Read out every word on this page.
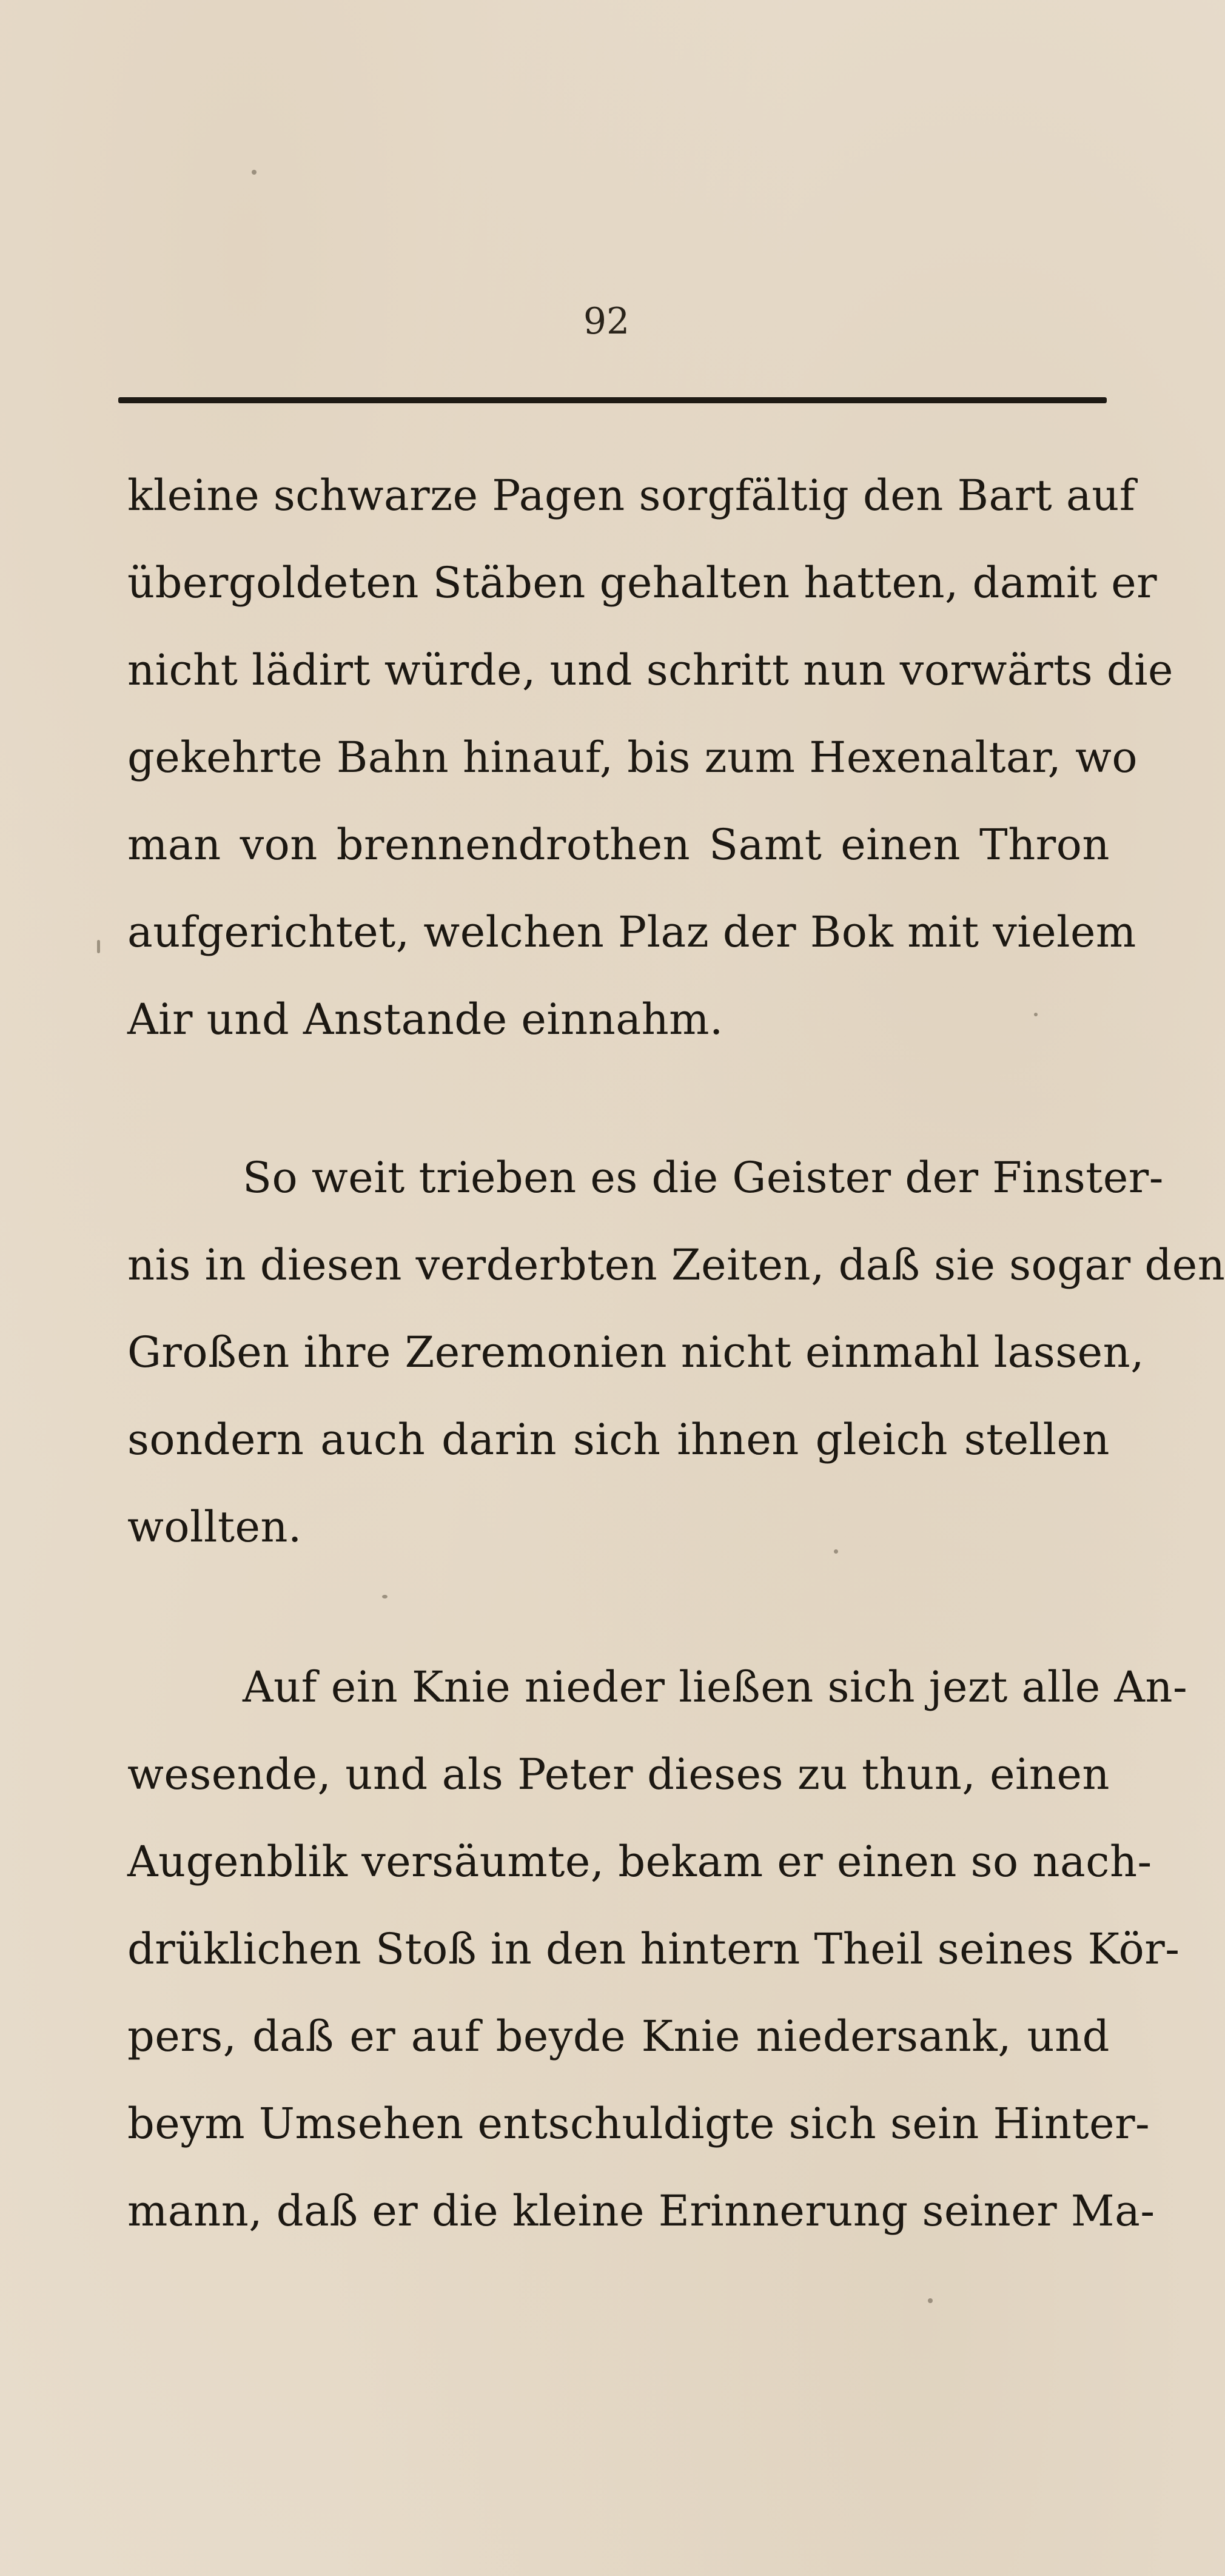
92
kleine schwarze Pagen sorgfältig den Bart auf
übergoldeten Stäben gehalten hatten, damit er
nicht lädirt würde, und schritt nun vorwärts die
gekehrte Bahn hinauf, bis zum Hexenaltar, wo
man von brennendrothen Samt einen Thron
aufgerichtet, welchen Plaz der Bok mit vielem
Air und Anstande einnahm.
So weit trieben es die Geister der Finster-
nis in diesen verderbten Zeiten, daß sie sogar den
Großen ihre Zeremonien nicht einmahl lassen,
sondern auch darin sich ihnen gleich stellen
wollten.
Auf ein Knie nieder ließen sich jezt alle An-
wesende, und als Peter dieses zu thun, einen
Augenblik versäumte, bekam er einen so nach-
drüklichen Stoß in den hintern Theil seines Kör-
pers, daß er auf beyde Knie niedersank, und
beym Umsehen entschuldigte sich sein Hinter-
mann, daß er die kleine Erinnerung seiner Ma-
